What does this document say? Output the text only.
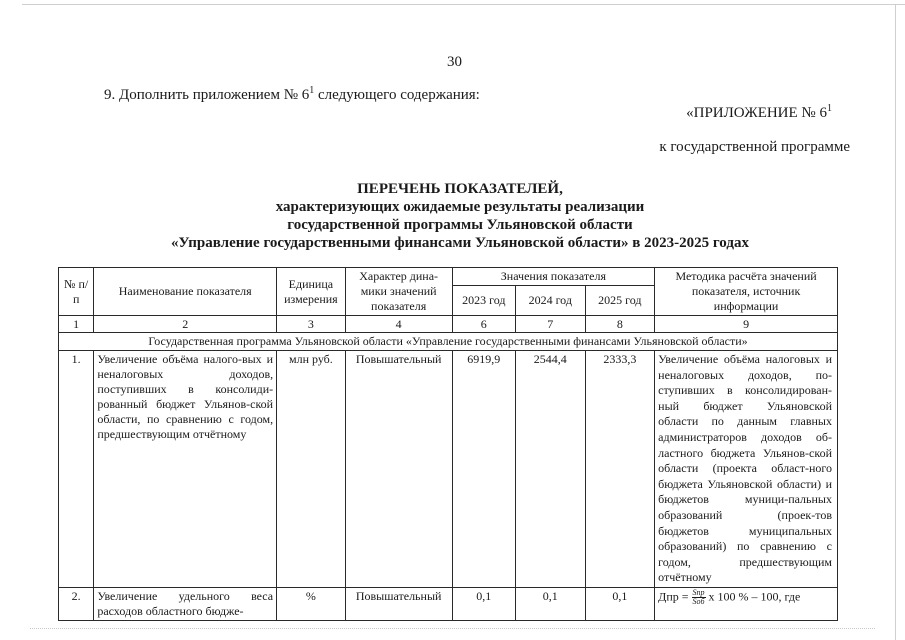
30
9. Дополнить приложением № $6^1$ следующего содержания:
«ПРИЛОЖЕНИЕ № $6^1$
к государственной программе
ПЕРЕЧЕНЬ ПОКАЗАТЕЛЕЙ,
характеризующих ожидаемые результаты реализации
государственной программы Ульяновской области
«Управление государственными финансами Ульяновской области» в 2023-2025 годах
№ п/п	Наименование показателя	Единица измерения	Характер дина-мики значений показателя	Значения показателя			Методика расчёта значений показателя, источник информации
				2023 год	2024 год	2025 год	
1	2	3	4	6	7	8	9
Государственная программа Ульяновской области «Управление государственными финансами Ульяновской области»							
1.	Увеличение объёма налого-вых и неналоговых доходов, поступивших в консолиди-рованный бюджет Ульянов-ской области, по сравнению с годом, предшествующим отчётному	млн руб.	Повышательный	6919,9	2544,4	2333,3	Увеличение объёма налоговых и неналоговых доходов, по-ступивших в консолидирован-ный бюджет Ульяновской области по данным главных администраторов доходов об-ластного бюджета Ульянов-ской области (проекта област-ного бюджета Ульяновской области) и бюджетов муници-пальных образований (проек-тов бюджетов муниципальных образований) по сравнению с годом, предшествующим отчётному
2.	Увеличение удельного веса расходов областного бюдже-	%	Повышательный	0,1	0,1	0,1	Дпр = $\frac{\text{Sпр}}{\text{Sоб}}$ x 100 % – 100, где
